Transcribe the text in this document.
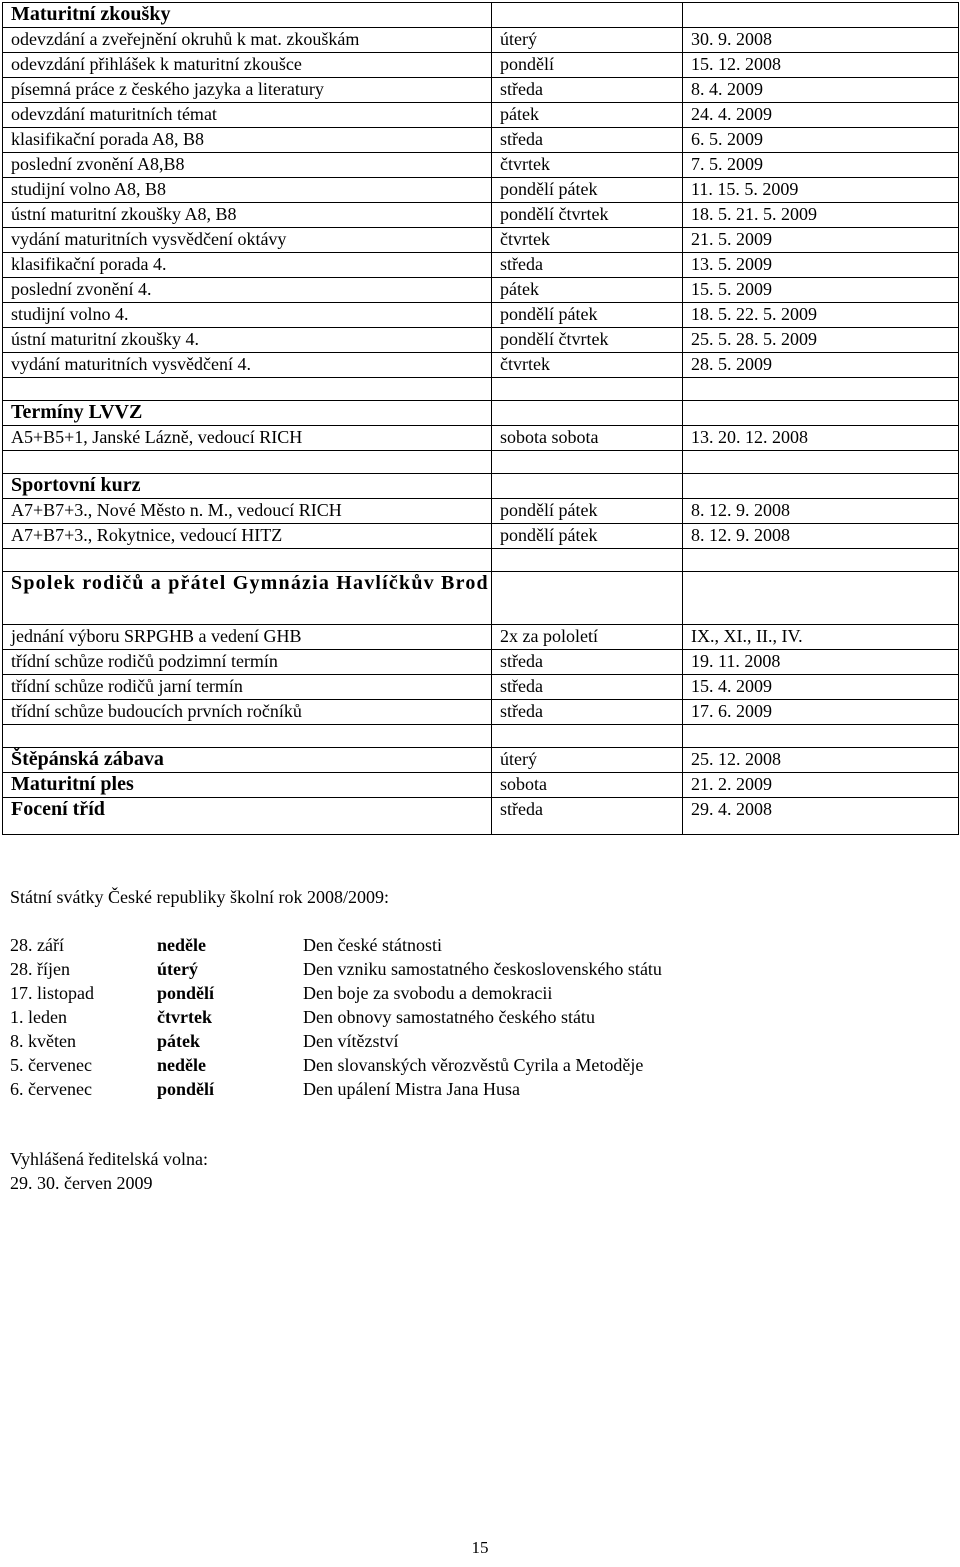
Maturitní zkoušky		
odevzdání a zveřejnění okruhů k mat. zkouškám	úterý	30. 9. 2008
odevzdání přihlášek k maturitní zkoušce	pondělí	15. 12. 2008
písemná práce z českého jazyka a literatury	středa	8. 4. 2009
odevzdání maturitních témat	pátek	24. 4. 2009
klasifikační porada A8, B8	středa	6. 5. 2009
poslední zvonění A8,B8	čtvrtek	7. 5. 2009
studijní volno A8, B8	pondělí pátek	11. 15. 5. 2009
ústní maturitní zkoušky A8, B8	pondělí čtvrtek	18. 5. 21. 5. 2009
vydání maturitních vysvědčení oktávy	čtvrtek	21. 5. 2009
klasifikační porada 4.	středa	13. 5. 2009
poslední zvonění 4.	pátek	15. 5. 2009
studijní volno 4.	pondělí pátek	18. 5. 22. 5. 2009
ústní maturitní zkoušky 4.	pondělí čtvrtek	25. 5. 28. 5. 2009
vydání maturitních vysvědčení 4.	čtvrtek	28. 5. 2009

Termíny LVVZ		
A5+B5+1, Janské Lázně, vedoucí RICH	sobota sobota	13. 20. 12. 2008

Sportovní kurz		
A7+B7+3., Nové Město n. M., vedoucí RICH	pondělí pátek	8. 12. 9. 2008
A7+B7+3., Rokytnice, vedoucí HITZ	pondělí pátek	8. 12. 9. 2008

Spolek rodičů a přátel Gymnázia Havlíčkův Brod		
jednání výboru SRPGHB a vedení GHB	2x za pololetí	IX., XI., II., IV.
třídní schůze rodičů podzimní termín	středa	19. 11. 2008
třídní schůze rodičů jarní termín	středa	15. 4. 2009
třídní schůze budoucích prvních ročníků	středa	17. 6. 2009

Štěpánská zábava	úterý	25. 12. 2008
Maturitní ples	sobota	21. 2. 2009
Focení tříd	středa	29. 4. 2008
Státní svátky České republiky školní rok 2008/2009:
28. září	neděle	Den české státnosti
28. říjen	úterý	Den vzniku samostatného československého státu
17. listopad	pondělí	Den boje za svobodu a demokracii
1. leden	čtvrtek	Den obnovy samostatného českého státu
8. květen	pátek	Den vítězství
5. červenec	neděle	Den slovanských věrozvěstů Cyrila a Metoděje
6. červenec	pondělí	Den upálení Mistra Jana Husa
Vyhlášená ředitelská volna:
29. 30. červen 2009
15
